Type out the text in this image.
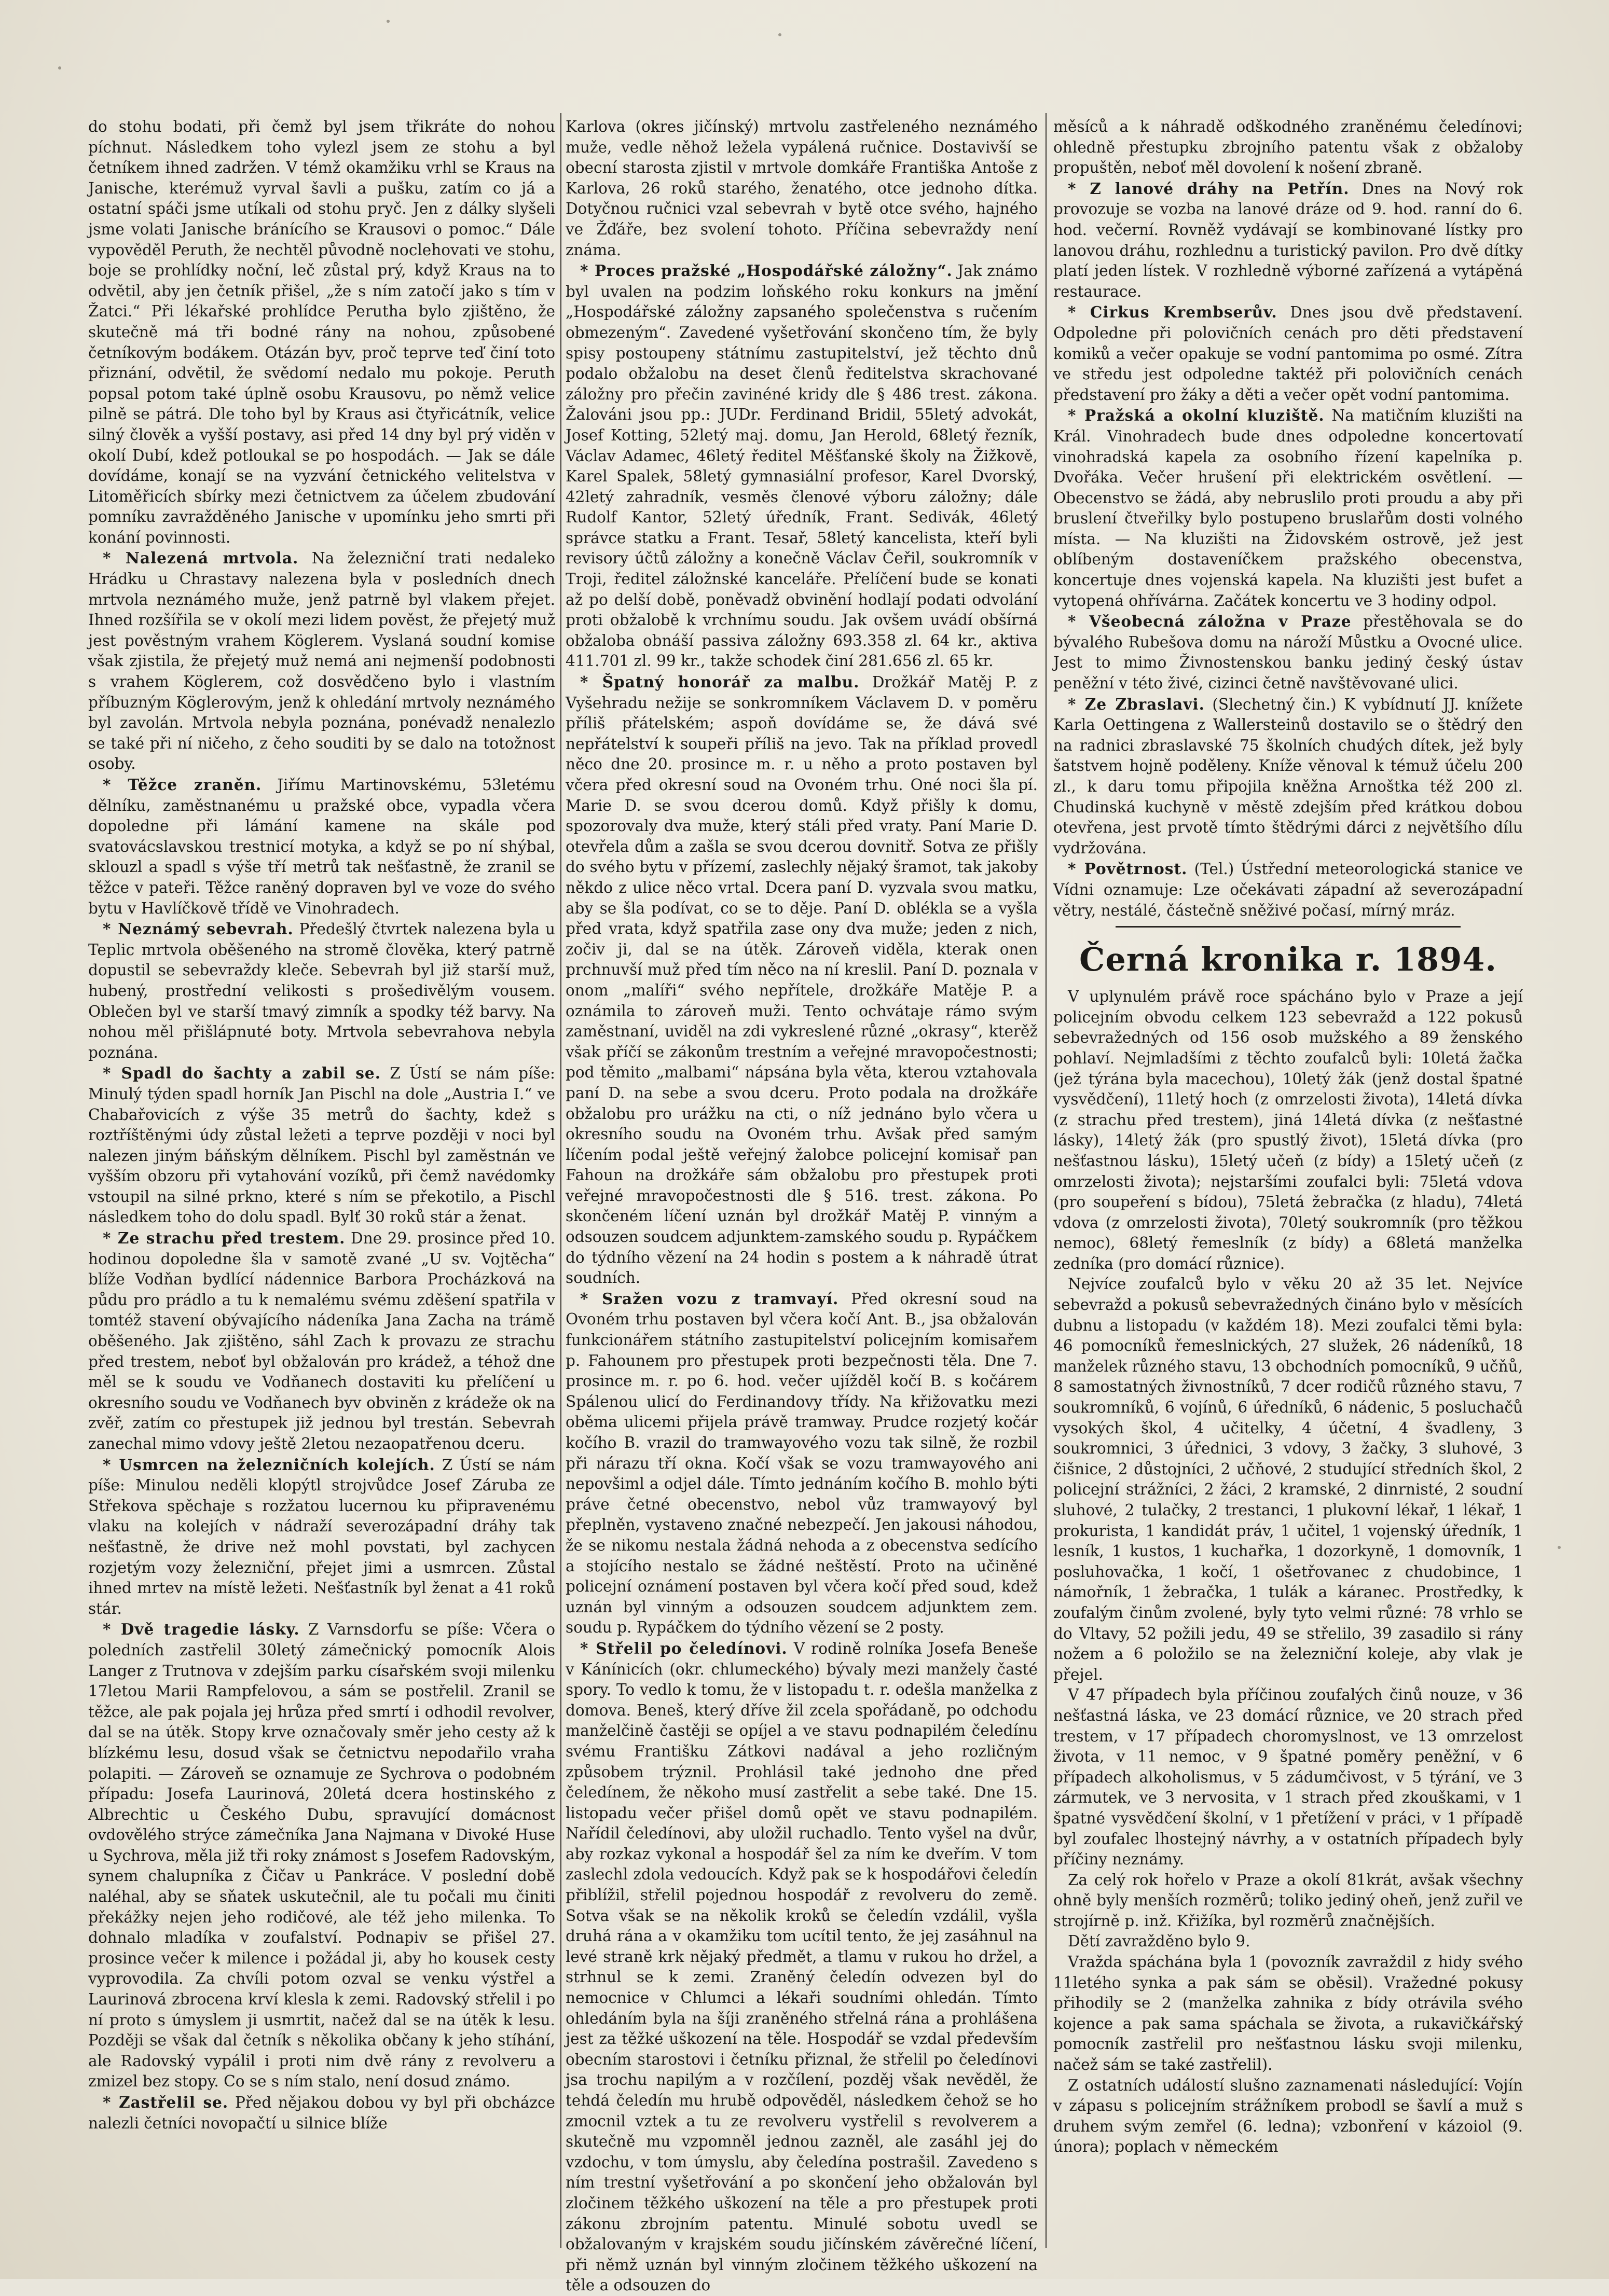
do stohu bodati, při čemž byl jsem třikráte do nohou píchnut. Následkem toho vylezl jsem ze stohu a byl četníkem ihned zadržen. V témž okamžiku vrhl se Kraus na Janische, kterémuž vyrval šavli a pušku, zatím co já a ostatní spáči jsme utíkali od stohu pryč. Jen z dálky slyšeli jsme volati Janische bránícího se Krausovi o pomoc.“ Dále vypověděl Peruth, že nechtěl původně noclehovati ve stohu, boje se prohlídky noční, leč zůstal prý, když Kraus na to odvětil, aby jen četník přišel, „že s ním zatočí jako s tím v Žatci.“ Při lékařské prohlídce Perutha bylo zjištěno, že skutečně má tři bodné rány na nohou, způsobené četníkovým bodákem. Otázán byv, proč teprve teď činí toto přiznání, odvětil, že svědomí nedalo mu pokoje. Peruth popsal potom také úplně osobu Krausovu, po němž velice pilně se pátrá. Dle toho byl by Kraus asi čtyřicátník, velice silný člověk a vyšší postavy, asi před 14 dny byl prý viděn v okolí Dubí, kdež potloukal se po hospodách. — Jak se dále dovídáme, konají se na vyzvání četnického velitelstva v Litoměřicích sbírky mezi četnictvem za účelem zbudování pomníku zavražděného Janische v upomínku jeho smrti při konání povinnosti.

* Nalezená mrtvola. Na železniční trati nedaleko Hrádku u Chrastavy nalezena byla v posledních dnech mrtvola neznámého muže, jenž patrně byl vlakem přejet. Ihned rozšířila se v okolí mezi lidem pověst, že přejetý muž jest pověstným vrahem Köglerem. Vyslaná soudní komise však zjistila, že přejetý muž nemá ani nejmenší podobnosti s vrahem Köglerem, což dosvědčeno bylo i vlastním příbuzným Köglerovým, jenž k ohledání mrtvoly neznámého byl zavolán. Mrtvola nebyla poznána, ponévadž nenalezlo se také při ní ničeho, z čeho souditi by se dalo na totožnost osoby.

* Těžce zraněn. Jiřímu Martinovskému, 53letému dělníku, zaměstnanému u pražské obce, vypadla včera dopoledne při lámání kamene na skále pod svatovácslavskou trestnicí motyka, a když se po ní shýbal, sklouzl a spadl s výše tří metrů tak nešťastně, že zranil se těžce v pateři. Těžce raněný dopraven byl ve voze do svého bytu v Havlíčkově třídě ve Vinohradech.

* Neznámý sebevrah. Předešlý čtvrtek nalezena byla u Teplic mrtvola oběšeného na stromě člověka, který patrně dopustil se sebevraždy kleče. Sebevrah byl již starší muž, hubený, prostřední velikosti s prošedivělým vousem. Oblečen byl ve starší tmavý zimník a spodky též barvy. Na nohou měl přišlápnuté boty. Mrtvola sebevrahova nebyla poznána.

* Spadl do šachty a zabil se. Z Ústí se nám píše: Minulý týden spadl horník Jan Pischl na dole „Austria I.“ ve Chabařovicích z výše 35 metrů do šachty, kdež s roztříštěnými údy zůstal ležeti a teprve později v noci byl nalezen jiným báňským dělníkem. Pischl byl zaměstnán ve vyšším obzoru při vytahování vozíků, při čemž navédomky vstoupil na silné prkno, které s ním se překotilo, a Pischl následkem toho do dolu spadl. Bylť 30 roků stár a ženat.

* Ze strachu před trestem. Dne 29. prosince před 10. hodinou dopoledne šla v samotě zvané „U sv. Vojtěcha“ blíže Vodňan bydlící nádennice Barbora Procházková na půdu pro prádlo a tu k nemalému svému zděšení spatřila v tomtéž stavení obývajícího nádeníka Jana Zacha na trámě oběšeného. Jak zjištěno, sáhl Zach k provazu ze strachu před trestem, neboť byl obžalován pro krádež, a téhož dne měl se k soudu ve Vodňanech dostaviti ku přelíčení u okresního soudu ve Vodňanech byv obviněn z krádeže ok na zvěř, zatím co přestupek již jednou byl trestán. Sebevrah zanechal mimo vdovy ještě 2letou nezaopatřenou dceru.

* Usmrcen na železničních kolejích. Z Ústí se nám píše: Minulou neděli klopýtl strojvůdce Josef Záruba ze Střekova spěchaje s rozžatou lucernou ku připravenému vlaku na kolejích v nádraží severozápadní dráhy tak nešťastně, že drive než mohl povstati, byl zachycen rozjetým vozy železniční, přejet jimi a usmrcen. Zůstal ihned mrtev na místě ležeti. Nešťastník byl ženat a 41 roků stár.

* Dvě tragedie lásky. Z Varnsdorfu se píše: Včera o poledních zastřelil 30letý zámečnický pomocník Alois Langer z Trutnova v zdejším parku císařském svoji milenku 17letou Marii Rampfelovou, a sám se postřelil. Zranil se těžce, ale pak pojala jej hrůza před smrtí i odhodil revolver, dal se na útěk. Stopy krve označovaly směr jeho cesty až k blízkému lesu, dosud však se četnictvu nepodařilo vraha polapiti. — Zároveň se oznamuje ze Sychrova o podobném případu: Josefa Laurinová, 20letá dcera hostinského z Albrechtic u Českého Dubu, spravující domácnost ovdovělého strýce zámečníka Jana Najmana v Divoké Huse u Sychrova, měla již tři roky známost s Josefem Radovským, synem chalupníka z Čičav u Pankráce. V poslední době naléhal, aby se sňatek uskutečnil, ale tu počali mu činiti překážky nejen jeho rodičové, ale též jeho milenka. To dohnalo mladíka v zoufalství. Podnapiv se přišel 27. prosince večer k milence i požádal ji, aby ho kousek cesty vyprovodila. Za chvíli potom ozval se venku výstřel a Laurinová zbrocena krví klesla k zemi. Radovský střelil i po ní proto s úmyslem ji usmrtit, načež dal se na útěk k lesu. Později se však dal četník s několika občany k jeho stíhání, ale Radovský vypálil i proti nim dvě rány z revolveru a zmizel bez stopy. Co se s ním stalo, není dosud známo.

* Zastřelil se. Před nějakou dobou vy byl při obcházce nalezli četníci novopačtí u silnice blíže

Karlova (okres jičínský) mrtvolu zastřeleného neznámého muže, vedle něhož ležela vypálená ručnice. Dostavivší se obecní starosta zjistil v mrtvole domkáře Františka Antoše z Karlova, 26 roků starého, ženatého, otce jednoho dítka. Dotyčnou ručnici vzal sebevrah v bytě otce svého, hajného ve Žďáře, bez svolení tohoto. Příčina sebevraždy není známa.

* Proces pražské „Hospodářské záložny“. Jak známo byl uvalen na podzim loňského roku konkurs na jmění „Hospodářské záložny zapsaného společenstva s ručením obmezeným“. Zavedené vyšetřování skončeno tím, že byly spisy postoupeny státnímu zastupitelství, jež těchto dnů podalo obžalobu na deset členů ředitelstva skrachované záložny pro přečin zavinéné kridy dle § 486 trest. zákona. Žalováni jsou pp.: JUDr. Ferdinand Bridil, 55letý advokát, Josef Kotting, 52letý maj. domu, Jan Herold, 68letý řezník, Václav Adamec, 46letý ředitel Měšťanské školy na Žižkově, Karel Spalek, 58letý gymnasiální profesor, Karel Dvorský, 42letý zahradník, vesměs členové výboru záložny; dále Rudolf Kantor, 52letý úředník, Frant. Sedivák, 46letý správce statku a Frant. Tesař, 58letý kancelista, kteří byli revisory účtů záložny a konečně Václav Čeřil, soukromník v Troji, ředitel záložnské kanceláře. Přelíčení bude se konati až po delší době, poněvadž obvinění hodlají podati odvolání proti obžalobě k vrchnímu soudu. Jak ovšem uvádí obšírná obžaloba obnáší passiva záložny 693.358 zl. 64 kr., aktiva 411.701 zl. 99 kr., takže schodek činí 281.656 zl. 65 kr.

* Špatný honorář za malbu. Drožkář Matěj P. z Vyšehradu nežije se sonkromníkem Václavem D. v poměru příliš přátelském; aspoň dovídáme se, že dává své nepřátelství k soupeři příliš na jevo. Tak na příklad provedl něco dne 20. prosince m. r. u něho a proto postaven byl včera před okresní soud na Ovoném trhu. Oné noci šla pí. Marie D. se svou dcerou domů. Když přišly k domu, spozorovaly dva muže, který stáli před vraty. Paní Marie D. otevřela dům a zašla se svou dcerou dovnitř. Sotva ze přišly do svého bytu v přízemí, zaslechly nějaký šramot, tak jakoby někdo z ulice něco vrtal. Dcera paní D. vyzvala svou matku, aby se šla podívat, co se to děje. Paní D. oblékla se a vyšla před vrata, když spatřila zase ony dva muže; jeden z nich, zočiv ji, dal se na útěk. Zároveň viděla, kterak onen prchnuvší muž před tím něco na ní kreslil. Paní D. poznala v onom „malíři“ svého nepřítele, drožkáře Matěje P. a oznámila to zároveň muži. Tento ochvátaje rámo svým zaměstnaní, uviděl na zdi vykreslené různé „okrasy“, kterěž však příčí se zákonům trestním a veřejné mravopočestnosti; pod těmito „malbami“ nápsána byla věta, kterou vztahovala paní D. na sebe a svou dceru. Proto podala na drožkáře obžalobu pro urážku na cti, o níž jednáno bylo včera u okresního soudu na Ovoném trhu. Avšak před samým líčením podal ještě veřejný žalobce policejní komisař pan Fahoun na drožkáře sám obžalobu pro přestupek proti veřejné mravopočestnosti dle § 516. trest. zákona. Po skončeném líčení uznán byl drožkář Matěj P. vinným a odsouzen soudcem adjunktem-zamského soudu p. Rypáčkem do týdního vězení na 24 hodin s postem a k náhradě útrat soudních.

* Sražen vozu z tramvayí. Před okresní soud na Ovoném trhu postaven byl včera kočí Ant. B., jsa obžalován funkcionářem státního zastupitelství policejním komisařem p. Fahounem pro přestupek proti bezpečnosti těla. Dne 7. prosince m. r. po 6. hod. večer ujížděl kočí B. s kočárem Spálenou ulicí do Ferdinandovy třídy. Na křižovatku mezi oběma ulicemi přijela právě tramway. Prudce rozjetý kočár kočího B. vrazil do tramwayového vozu tak silně, že rozbil při nárazu tří okna. Kočí však se vozu tramwayového ani nepovšiml a odjel dále. Tímto jednáním kočího B. mohlo býti práve četné obecenstvo, nebol vůz tramwayový byl přeplněn, vystaveno značné nebezpečí. Jen jakousi náhodou, že se nikomu nestala žádná nehoda a z obecenstva sedícího a stojícího nestalo se žádné neštěstí. Proto na učiněné policejní oznámení postaven byl včera kočí před soud, kdež uznán byl vinným a odsouzen soudcem adjunktem zem. soudu p. Rypáčkem do týdního vězení se 2 posty.

* Střelil po čeledínovi. V rodině rolníka Josefa Beneše v Kánínicích (okr. chlumeckého) bývaly mezi manžely časté spory. To vedlo k tomu, že v listopadu t. r. odešla manželka z domova. Beneš, který dříve žil zcela spořádaně, po odchodu manželčině častěji se opíjel a ve stavu podnapilém čeledínu svému Františku Zátkovi nadával a jeho rozličným způsobem trýznil. Prohlásil také jednoho dne před čeledínem, že někoho musí zastřelit a sebe také. Dne 15. listopadu večer přišel domů opět ve stavu podnapilém. Nařídil čeledínovi, aby uložil ruchadlo. Tento vyšel na dvůr, aby rozkaz vykonal a hospodář šel za ním ke dveřím. V tom zaslechl zdola vedoucích. Když pak se k hospodářovi čeledín přiblížil, střelil pojednou hospodář z revolveru do země. Sotva však se na několik kroků se čeledín vzdálil, vyšla druhá rána a v okamžiku tom ucítil tento, že jej zasáhnul na levé straně krk nějaký předmět, a tlamu v rukou ho držel, a strhnul se k zemi. Zraněný čeledín odvezen byl do nemocnice v Chlumci a lékaři soudními ohledán. Tímto ohledáním byla na šíji zraněného střelná rána a prohlášena jest za těžké uškození na těle. Hospodář se vzdal především obecním starostovi i četníku přiznal, že střelil po čeledínovi jsa trochu napilým a v rozčílení, pozděj však nevěděl, že tehdá čeledín mu hrubě odpověděl, následkem čehož se ho zmocnil vztek a tu ze revolveru vystřelil s revolverem a skutečně mu vzpomněl jednou zazněl, ale zasáhl jej do vzdochu, v tom úmyslu, aby čeledína postrašil. Zavedeno s ním trestní vyšetřování a po skončení jeho obžalován byl zločinem těžkého uškození na těle a pro přestupek proti zákonu zbrojním patentu. Minulé sobotu uvedl se obžalovaným v krajském soudu jičínském závěrečné líčení, při němž uznán byl vinným zločinem těžkého uškození na těle a odsouzen do

měsíců a k náhradě odškodného zraněnému čeledínovi; ohledně přestupku zbrojního patentu však z obžaloby propuštěn, neboť měl dovolení k nošení zbraně.

* Z lanové dráhy na Petřín. Dnes na Nový rok provozuje se vozba na lanové dráze od 9. hod. ranní do 6. hod. večerní. Rovněž vydávají se kombinované lístky pro lanovou dráhu, rozhlednu a turistický pavilon. Pro dvě dítky platí jeden lístek. V rozhledně výborné zařízená a vytápěná restaurace.

* Cirkus Krembserův. Dnes jsou dvě představení. Odpoledne při polovičních cenách pro děti představení komiků a večer opakuje se vodní pantomima po osmé. Zítra ve středu jest odpoledne taktéž při polovičních cenách představení pro žáky a děti a večer opět vodní pantomima.

* Pražská a okolní kluziště. Na matičním kluzišti na Král. Vinohradech bude dnes odpoledne koncertovatí vinohradská kapela za osobního řízení kapelníka p. Dvořáka. Večer hrušení při elektrickém osvětlení. — Obecenstvo se žádá, aby nebruslilo proti proudu a aby při bruslení čtveřilky bylo postupeno bruslařům dosti volného místa. — Na kluzišti na Židovském ostrově, jež jest oblíbeným dostaveníčkem pražského obecenstva, koncertuje dnes vojenská kapela. Na kluzišti jest bufet a vytopená ohřívárna. Začátek koncertu ve 3 hodiny odpol.

* Všeobecná záložna v Praze přestěhovala se do bývalého Rubešova domu na nároží Můstku a Ovocné ulice. Jest to mimo Živnostenskou banku jediný český ústav peněžní v této živé, cizinci četně navštěvované ulici.

* Ze Zbraslavi. (Slechetný čin.) K vybídnutí JJ. knížete Karla Oettingena z Wallersteinů dostavilo se o štědrý den na radnici zbraslavské 75 školních chudých dítek, jež byly šatstvem hojně poděleny. Kníže věnoval k témuž účelu 200 zl., k daru tomu připojila kněžna Arnoštka též 200 zl. Chudinská kuchyně v městě zdejším před krátkou dobou otevřena, jest prvotě tímto štědrými dárci z největšího dílu vydržována.

* Povětrnost. (Tel.) Ústřední meteorologická stanice ve Vídni oznamuje: Lze očekávati západní až severozápadní větry, nestálé, částečně sněživé počasí, mírný mráz.

Černá kronika r. 1894.

V uplynulém právě roce spácháno bylo v Praze a její policejním obvodu celkem 123 sebevražd a 122 pokusů sebevražedných od 156 osob mužského a 89 ženského pohlaví. Nejmladšími z těchto zoufalců byli: 10letá žačka (jež týrána byla macechou), 10letý žák (jenž dostal špatné vysvědčení), 11letý hoch (z omrzelosti života), 14letá dívka (z strachu před trestem), jiná 14letá dívka (z nešťastné lásky), 14letý žák (pro spustlý život), 15letá dívka (pro nešťastnou lásku), 15letý učeň (z bídy) a 15letý učeň (z omrzelosti života); nejstaršími zoufalci byli: 75letá vdova (pro soupeření s bídou), 75letá žebračka (z hladu), 74letá vdova (z omrzelosti života), 70letý soukromník (pro těžkou nemoc), 68letý řemeslník (z bídy) a 68letá manželka zedníka (pro domácí různice).

Nejvíce zoufalců bylo v věku 20 až 35 let. Nejvíce sebevražd a pokusů sebevražedných čináno bylo v měsících dubnu a listopadu (v každém 18). Mezi zoufalci těmi byla: 46 pomocníků řemeslnických, 27 služek, 26 nádeníků, 18 manželek různého stavu, 13 obchodních pomocníků, 9 učňů, 8 samostatných živnostníků, 7 dcer rodičů různého stavu, 7 soukromníků, 6 vojínů, 6 úředníků, 6 nádenic, 5 posluchačů vysokých škol, 4 učitelky, 4 účetní, 4 švadleny, 3 soukromnici, 3 úřednici, 3 vdovy, 3 žačky, 3 sluhové, 3 čišnice, 2 důstojníci, 2 učňové, 2 studující středních škol, 2 policejní strážníci, 2 žáci, 2 kramské, 2 dinrnisté, 2 soudní sluhové, 2 tulačky, 2 trestanci, 1 plukovní lékař, 1 lékař, 1 prokurista, 1 kandidát práv, 1 učitel, 1 vojenský úředník, 1 lesník, 1 kustos, 1 kuchařka, 1 dozorkyně, 1 domovník, 1 posluhovačka, 1 kočí, 1 ošetřovanec z chudobince, 1 námořník, 1 žebračka, 1 tulák a káranec. Prostředky, k zoufalým činům zvolené, byly tyto velmi různé: 78 vrhlo se do Vltavy, 52 požili jedu, 49 se střelilo, 39 zasadilo si rány nožem a 6 položilo se na železniční koleje, aby vlak je přejel.

V 47 případech byla příčinou zoufalých činů nouze, v 36 nešťastná láska, ve 23 domácí různice, ve 20 strach před trestem, v 17 případech choromyslnost, ve 13 omrzelost života, v 11 nemoc, v 9 špatné poměry peněžní, v 6 případech alkoholismus, v 5 zádumčivost, v 5 týrání, ve 3 zármutek, ve 3 nervosita, v 1 strach před zkouškami, v 1 špatné vysvědčení školní, v 1 přetížení v práci, v 1 případě byl zoufalec lhostejný návrhy, a v ostatních případech byly příčiny neznámy.

Za celý rok hořelo v Praze a okolí 81krát, avšak všechny ohně byly menších rozměrů; toliko jediný oheň, jenž zuřil ve strojírně p. inž. Křižíka, byl rozměrů značnějších.

Dětí zavražděno bylo 9.

Vražda spáchána byla 1 (povozník zavraždil z hidy svého 11letého synka a pak sám se oběsil). Vražedné pokusy přihodily se 2 (manželka zahnika z bídy otrávila svého kojence a pak sama spáchala se života, a rukavičkářský pomocník zastřelil pro nešťastnou lásku svoji milenku, načež sám se také zastřelil).

Z ostatních událostí slušno zaznamenati následující: Vojín v zápasu s policejním strážníkem probodl se šavlí a muž s druhem svým zemřel (6. ledna); vzbonření v kázoiol (9. února); poplach v německém
